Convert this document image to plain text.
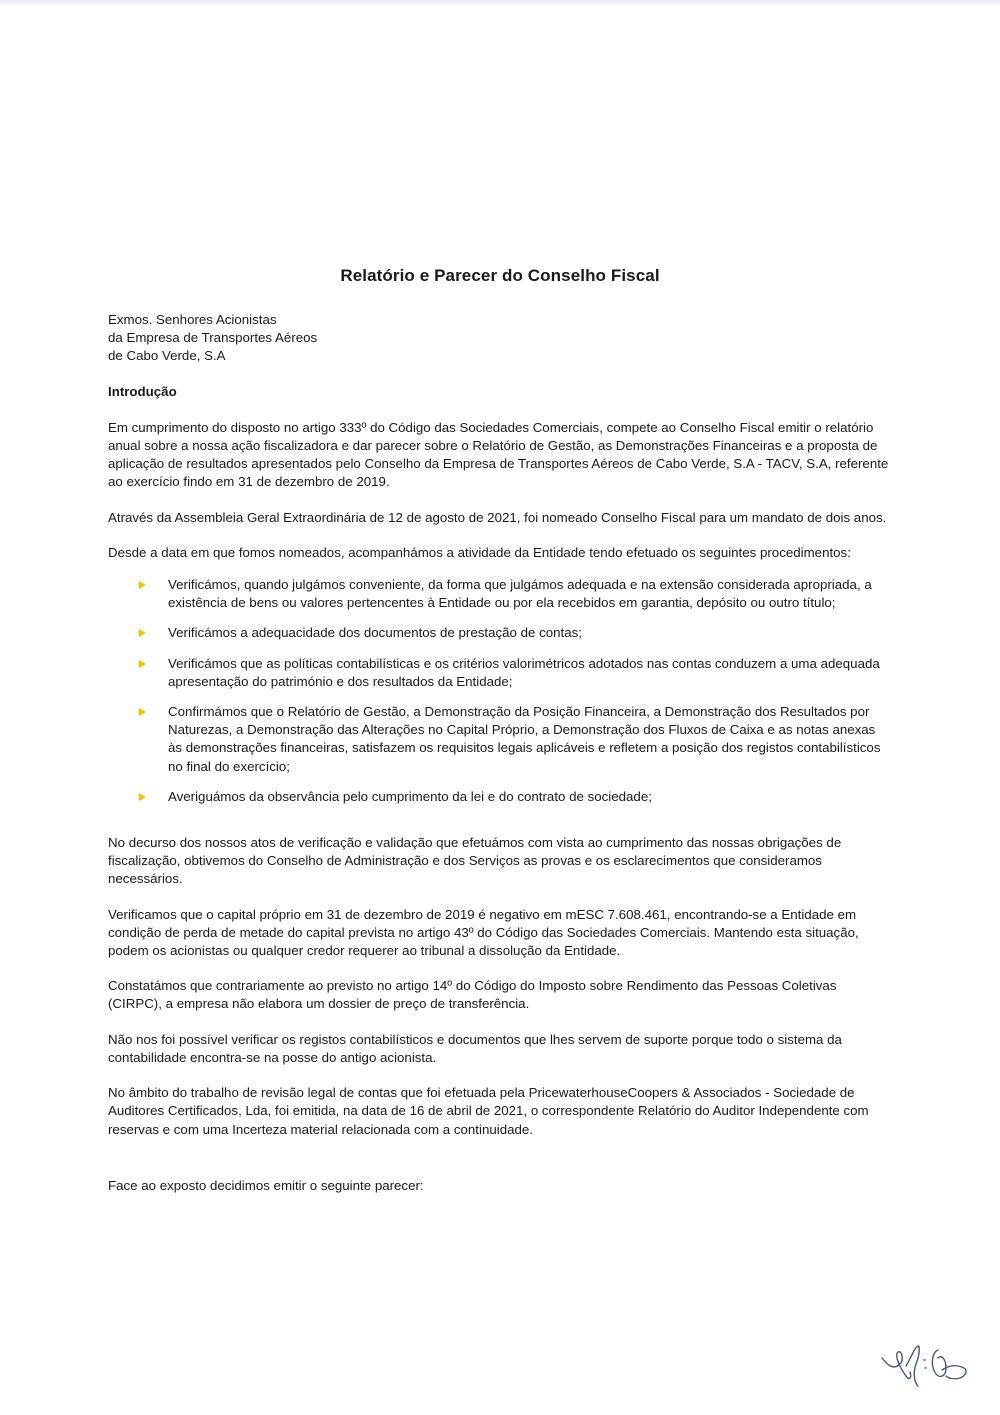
Relatório e Parecer do Conselho Fiscal

Exmos. Senhores Acionistas

da Empresa de Transportes Aéreos

de Cabo Verde, S.A

Introdução

Em cumprimento do disposto no artigo 333º do Código das Sociedades Comerciais, compete ao Conselho Fiscal emitir o relatório anual sobre a nossa ação fiscalizadora e dar parecer sobre o Relatório de Gestão, as Demonstrações Financeiras e a proposta de aplicação de resultados apresentados pelo Conselho da Empresa de Transportes Aéreos de Cabo Verde, S.A - TACV, S.A, referente ao exercício findo em 31 de dezembro de 2019.

Através da Assembleia Geral Extraordinária de 12 de agosto de 2021, foi nomeado Conselho Fiscal para um mandato de dois anos.

Desde a data em que fomos nomeados, acompanhámos a atividade da Entidade tendo efetuado os seguintes procedimentos:

Verificámos, quando julgámos conveniente, da forma que julgámos adequada e na extensão considerada apropriada, a existência de bens ou valores pertencentes à Entidade ou por ela recebidos em garantia, depósito ou outro título;
Verificámos a adequacidade dos documentos de prestação de contas;
Verificámos que as políticas contabilísticas e os critérios valorimétricos adotados nas contas conduzem a uma adequada apresentação do património e dos resultados da Entidade;
Confirmámos que o Relatório de Gestão, a Demonstração da Posição Financeira, a Demonstração dos Resultados por Naturezas, a Demonstração das Alterações no Capital Próprio, a Demonstração dos Fluxos de Caixa e as notas anexas às demonstrações financeiras, satisfazem os requisitos legais aplicáveis e refletem a posição dos registos contabilísticos no final do exercício;
Averiguámos da observância pelo cumprimento da lei e do contrato de sociedade;

No decurso dos nossos atos de verificação e validação que efetuámos com vista ao cumprimento das nossas obrigações de fiscalização, obtivemos do Conselho de Administração e dos Serviços as provas e os esclarecimentos que consideramos necessários.

Verificamos que o capital próprio em 31 de dezembro de 2019 é negativo em mESC 7.608.461, encontrando-se a Entidade em condição de perda de metade do capital prevista no artigo 43º do Código das Sociedades Comerciais. Mantendo esta situação, podem os acionistas ou qualquer credor requerer ao tribunal a dissolução da Entidade.

Constatámos que contrariamente ao previsto no artigo 14º do Código do Imposto sobre Rendimento das Pessoas Coletivas (CIRPC), a empresa não elabora um dossier de preço de transferência.

Não nos foi possível verificar os registos contabilísticos e documentos que lhes servem de suporte porque todo o sistema da contabilidade encontra-se na posse do antigo acionista.

No âmbito do trabalho de revisão legal de contas que foi efetuada pela PricewaterhouseCoopers & Associados - Sociedade de Auditores Certificados, Lda, foi emitida, na data de 16 de abril de 2021, o correspondente Relatório do Auditor Independente com reservas e com uma Incerteza material relacionada com a continuidade.

Face ao exposto decidimos emitir o seguinte parecer:
